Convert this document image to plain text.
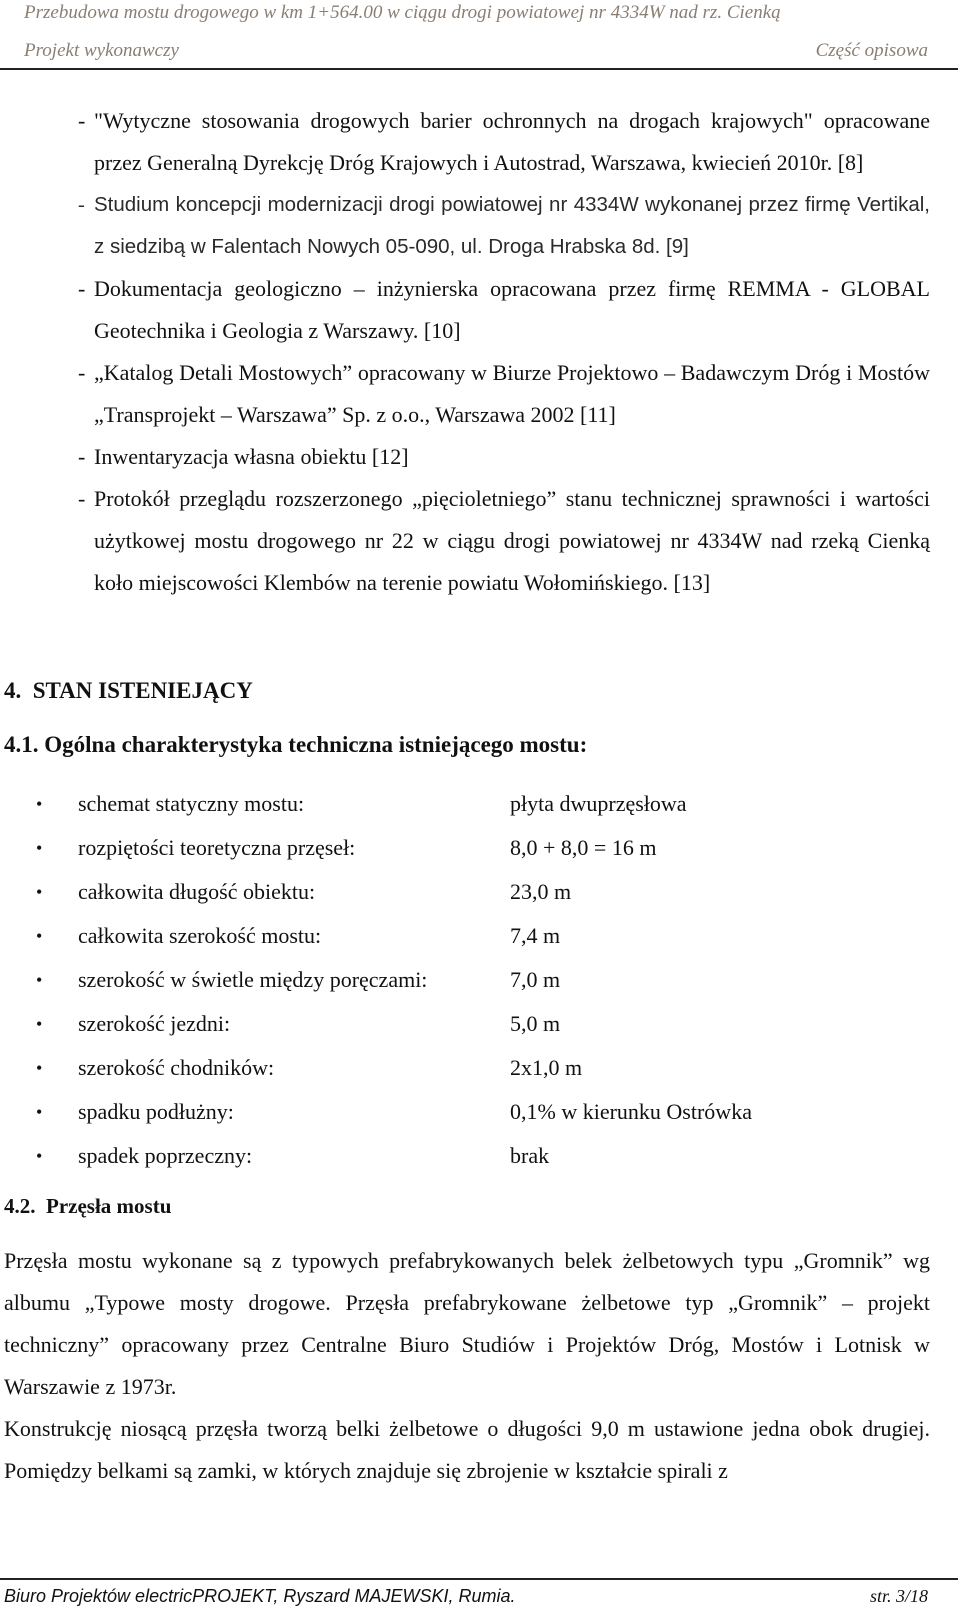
Przebudowa mostu drogowego w km 1+564.00 w ciągu drogi powiatowej nr 4334W nad rz. Cienką
Projekt wykonawczy	Część opisowa
- "Wytyczne stosowania drogowych barier ochronnych na drogach krajowych" opracowane przez Generalną Dyrekcję Dróg Krajowych i Autostrad, Warszawa, kwiecień 2010r. [8]
- Studium koncepcji modernizacji drogi powiatowej nr 4334W wykonanej przez firmę Vertikal, z siedzibą w Falentach Nowych 05-090, ul. Droga Hrabska 8d. [9]
- Dokumentacja geologiczno – inżynierska opracowana przez firmę REMMA - GLOBAL Geotechnika i Geologia z Warszawy. [10]
- „Katalog Detali Mostowych” opracowany w Biurze Projektowo – Badawczym Dróg i Mostów „Transprojekt – Warszawa” Sp. z o.o., Warszawa 2002 [11]
- Inwentaryzacja własna obiektu [12]
- Protokół przeglądu rozszerzonego „pięcioletniego” stanu technicznej sprawności i wartości użytkowej mostu drogowego nr 22 w ciągu drogi powiatowej nr 4334W nad rzeką Cienką koło miejscowości Klembów na terenie powiatu Wołomińskiego. [13]
4. STAN ISTENIEJĄCY
4.1. Ogólna charakterystyka techniczna istniejącego mostu:
• schemat statyczny mostu:	płyta dwuprzęsłowa
• rozpiętości teoretyczna przęseł:	8,0 + 8,0 = 16 m
• całkowita długość obiektu:	23,0 m
• całkowita szerokość mostu:	7,4 m
• szerokość w świetle między poręczami:	7,0 m
• szerokość jezdni:	5,0 m
• szerokość chodników:	2x1,0 m
• spadku podłużny:	0,1% w kierunku Ostrówka
• spadek poprzeczny:	brak
4.2. Przęsła mostu

Przęsła mostu wykonane są z typowych prefabrykowanych belek żelbetowych typu „Gromnik” wg albumu „Typowe mosty drogowe. Przęsła prefabrykowane żelbetowe typ „Gromnik” – projekt techniczny” opracowany przez Centralne Biuro Studiów i Projektów Dróg, Mostów i Lotnisk w Warszawie z 1973r.

Konstrukcję niosącą przęsła tworzą belki żelbetowe o długości 9,0 m ustawione jedna obok drugiej. Pomiędzy belkami są zamki, w których znajduje się zbrojenie w kształcie spirali z

Biuro Projektów electricPROJEKT, Ryszard MAJEWSKI, Rumia.	str. 3/18
